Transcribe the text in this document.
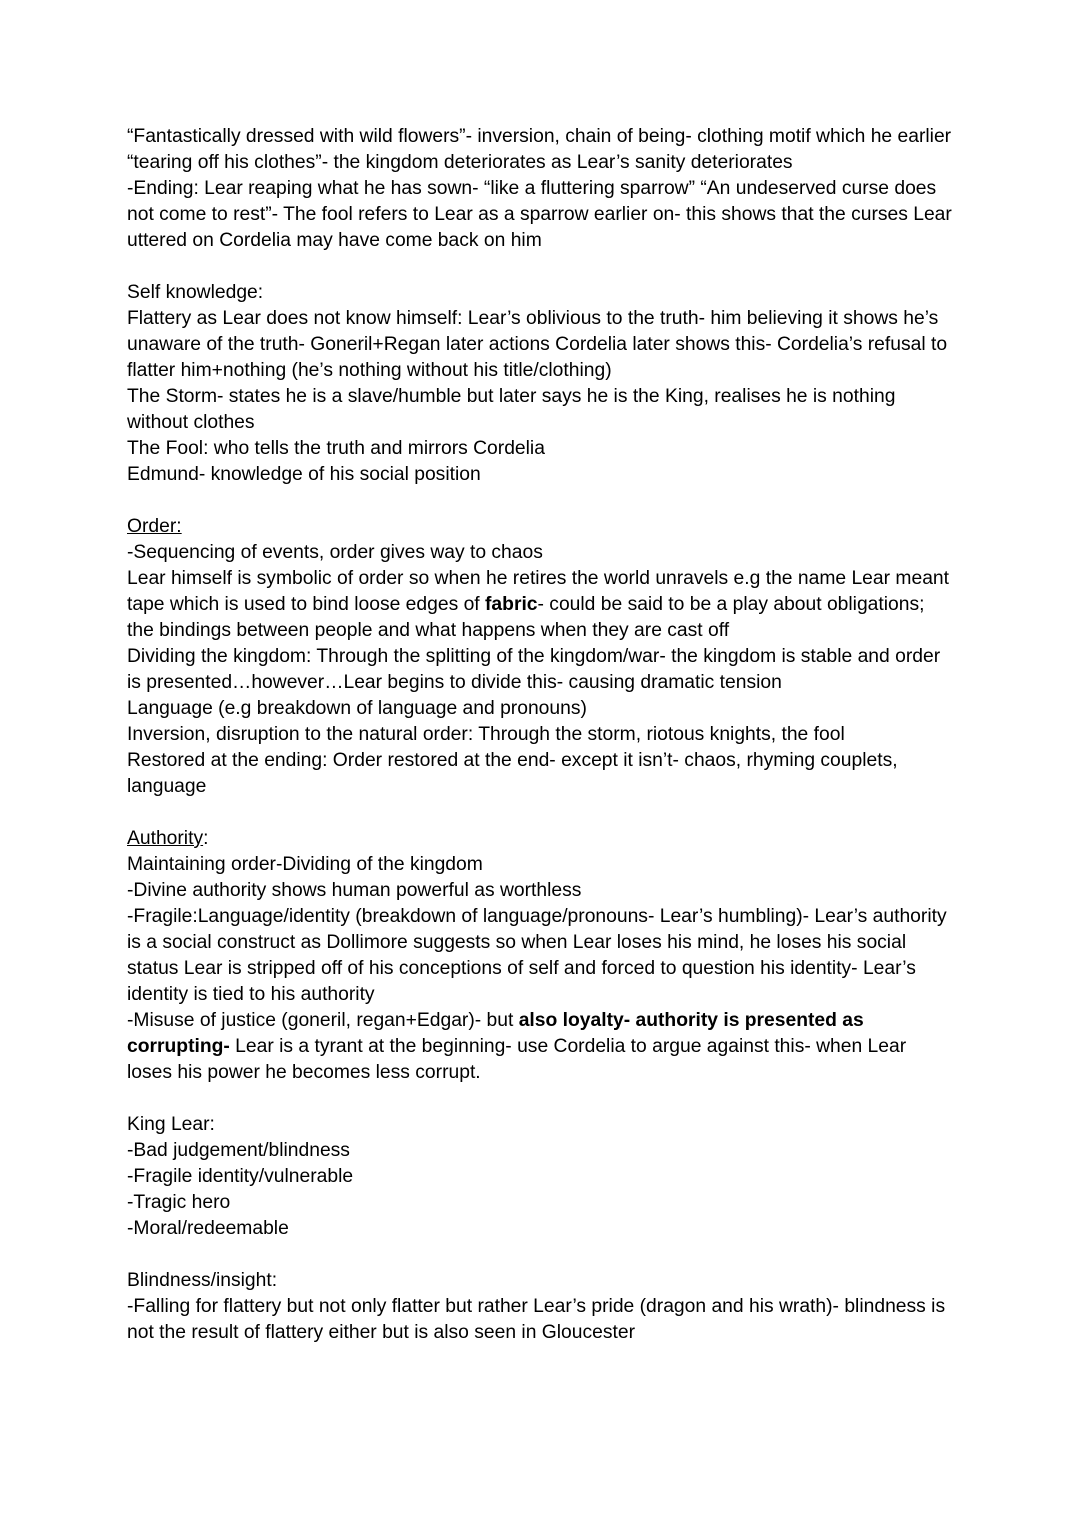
“Fantastically dressed with wild flowers”- inversion, chain of being- clothing motif which he earlier “tearing off his clothes”- the kingdom deteriorates as Lear’s sanity deteriorates
-Ending: Lear reaping what he has sown- “like a fluttering sparrow” “An undeserved curse does not come to rest”- The fool refers to Lear as a sparrow earlier on- this shows that the curses Lear uttered on Cordelia may have come back on him
Self knowledge:
Flattery as Lear does not know himself: Lear’s oblivious to the truth- him believing it shows he’s unaware of the truth- Goneril+Regan later actions Cordelia later shows this- Cordelia’s refusal to flatter him+nothing (he’s nothing without his title/clothing)
The Storm- states he is a slave/humble but later says he is the King, realises he is nothing without clothes
The Fool: who tells the truth and mirrors Cordelia
Edmund- knowledge of his social position
Order:
-Sequencing of events, order gives way to chaos
Lear himself is symbolic of order so when he retires the world unravels e.g the name Lear meant tape which is used to bind loose edges of fabric- could be said to be a play about obligations; the bindings between people and what happens when they are cast off
Dividing the kingdom: Through the splitting of the kingdom/war- the kingdom is stable and order is presented…however…Lear begins to divide this- causing dramatic tension
Language (e.g breakdown of language and pronouns)
Inversion, disruption to the natural order: Through the storm, riotous knights, the fool
Restored at the ending: Order restored at the end- except it isn’t- chaos, rhyming couplets, language
Authority:
Maintaining order-Dividing of the kingdom
-Divine authority shows human powerful as worthless
-Fragile:Language/identity (breakdown of language/pronouns- Lear’s humbling)- Lear’s authority is a social construct as Dollimore suggests so when Lear loses his mind, he loses his social status Lear is stripped off of his conceptions of self and forced to question his identity- Lear’s identity is tied to his authority
-Misuse of justice (goneril, regan+Edgar)- but also loyalty- authority is presented as corrupting- Lear is a tyrant at the beginning- use Cordelia to argue against this- when Lear loses his power he becomes less corrupt.
King Lear:
-Bad judgement/blindness
-Fragile identity/vulnerable
-Tragic hero
-Moral/redeemable
Blindness/insight:
-Falling for flattery but not only flatter but rather Lear’s pride (dragon and his wrath)- blindness is not the result of flattery either but is also seen in Gloucester
